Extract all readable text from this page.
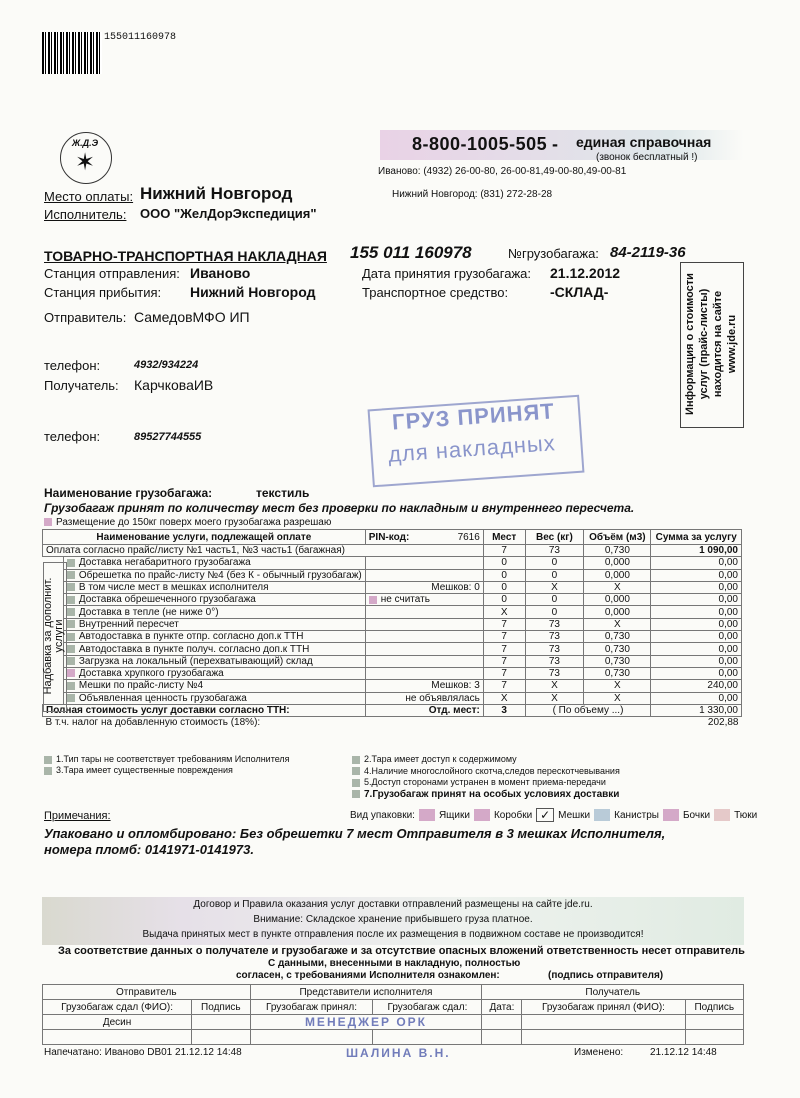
155011160978
Ж.Д.Э
✶
Место оплаты: Нижний Новгород
Исполнитель: ООО "ЖелДорЭкспедиция"
8-800-1005-505 - единая справочная
(звонок бесплатный !)
Иваново: (4932) 26-00-80, 26-00-81,49-00-80,49-00-81
Нижний Новгород: (831) 272-28-28
ТОВАРНО-ТРАНСПОРТНАЯ НАКЛАДНАЯ 155 011 160978	№грузобагажа: 84-2119-36
Станция отправления: Иваново
Станция прибытия: Нижний Новгород
Дата принятия грузобагажа: 21.12.2012
Транспортное средство:	-СКЛАД-
Отправитель: СамедовМФО ИП
телефон:	4932/934224
Получатель: КарчковаИВ
телефон:	89527744555
ГРУЗ ПРИНЯТ
для накладных
Информация о стоимости услуг (прайс-листы) находится на сайте www.jde.ru
Наименование грузобагажа:	текстиль
Грузобагаж принят по количеству мест без проверки по накладным и внутреннего пересчета.
Размещение до 150кг поверх моего грузобагажа разрешаю
Наименование услуги, подлежащей оплате		PIN-код: 7616	Мест	Вес (кг)	Объём (м3)	Сумма за услугу
Оплата согласно прайс/листу №1 часть1, №3 часть1 (багажная)			7	73	0,730	1 090,00
	Доставка негабаритного грузобагажа		0	0	0,000	0,00
	Обрешетка по прайс-листу №4 (без К - обычный грузобагаж)		0	0	0,000	0,00
	В том числе мест в мешках исполнителя	Мешков: 0	0	X	X	0,00
	Доставка обрешеченного грузобагажа	не считать	0	0	0,000	0,00
	Доставка в тепле (не ниже 0°)		X	0	0,000	0,00
	Внутренний пересчет		7	73	X	0,00
	Автодоставка в пункте отпр. согласно доп.к ТТН		7	73	0,730	0,00
	Автодоставка в пункте получ. согласно доп.к ТТН		7	73	0,730	0,00
	Загрузка на локальный (перехватывающий) склад		7	73	0,730	0,00
	Доставка хрупкого грузобагажа		7	73	0,730	0,00
	Мешки по прайс-листу №4	Мешков: 3	7	X	X	240,00
	Объявленная ценность грузобагажа	не объявлялась	X	X	X	0,00
Полная стоимость услуг доставки согласно ТТН:		Отд. мест:	3	( По объему ...)		1 330,00
В т.ч. налог на добавленную стоимость (18%):						202,88
Надбавка за дополнит. услуги
1.Тип тары не соответствует требованиям Исполнителя
3.Тара имеет существенные повреждения
2.Тара имеет доступ к содержимому
4.Наличие многослойного скотча,следов перескотчевывания
5.Доступ сторонами устранен в момент приема-передачи
7.Грузобагаж принят на особых условиях доставки
Примечания:	Вид упаковки: Ящики Коробки ✓ Мешки Канистры Бочки Тюки
Упаковано и опломбировано: Без обрешетки 7 мест Отправителя в 3 мешках Исполнителя,
номера пломб: 0141971-0141973.
Договор и Правила оказания услуг доставки отправлений размещены на сайте jde.ru.
Внимание: Складское хранение прибывшего груза платное.
Выдача принятых мест в пункте отправления после их размещения в подвижном составе не производится!
За соответствие данных о получателе и грузобагаже и за отсутствие опасных вложений ответственность несет отправитель
С данными, внесенными в накладную, полностью
согласен, с требованиями Исполнителя ознакомлен:	(подпись отправителя)
Отправитель		Представители исполнителя		Получатель		
Грузобагаж сдал (ФИО):	Подпись	Грузобагаж принял:	Грузобагаж сдал:	Дата:	Грузобагаж принял (ФИО):	Подпись
Десин		МЕНЕДЖЕР ОРК				

Напечатано: Иваново DB01 21.12.12 14:48	ШАЛИНА В.Н.	Изменено:	21.12.12 14:48
